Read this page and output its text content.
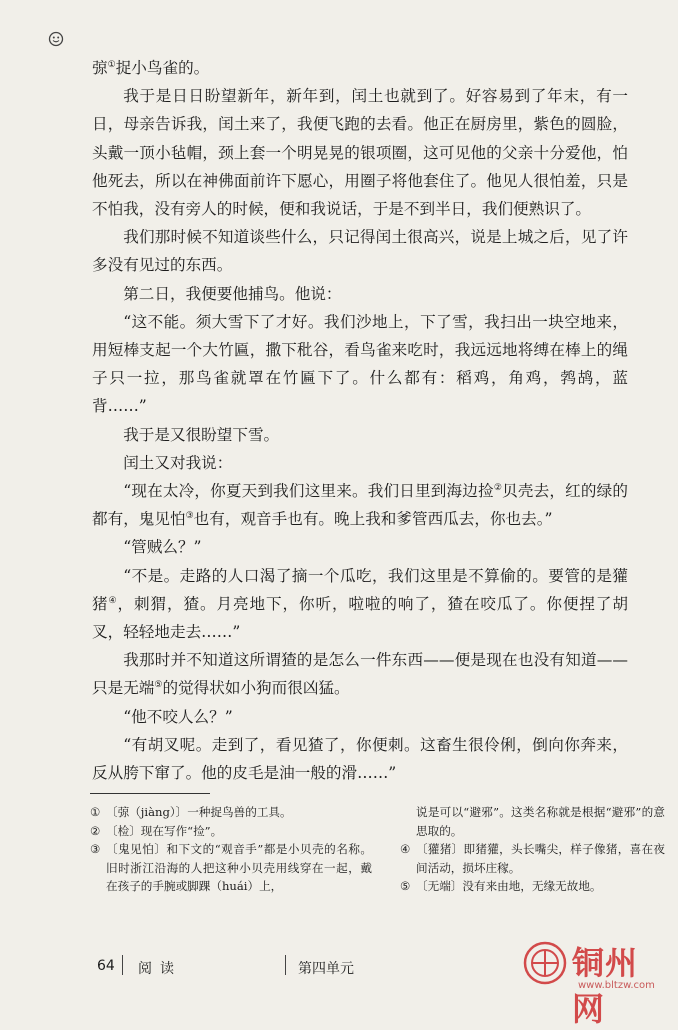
弶①捉小鸟雀的。

我于是日日盼望新年，新年到，闰土也就到了。好容易到了年末，有一日，母亲告诉我，闰土来了，我便飞跑的去看。他正在厨房里，紫色的圆脸，头戴一顶小毡帽，颈上套一个明晃晃的银项圈，这可见他的父亲十分爱他，怕他死去，所以在神佛面前许下愿心，用圈子将他套住了。他见人很怕羞，只是不怕我，没有旁人的时候，便和我说话，于是不到半日，我们便熟识了。

我们那时候不知道谈些什么，只记得闰土很高兴，说是上城之后，见了许多没有见过的东西。

第二日，我便要他捕鸟。他说：

“这不能。须大雪下了才好。我们沙地上，下了雪，我扫出一块空地来，用短棒支起一个大竹匾，撒下秕谷，看鸟雀来吃时，我远远地将缚在棒上的绳子只一拉，那鸟雀就罩在竹匾下了。什么都有：稻鸡，角鸡，鹁鸪，蓝背……”

我于是又很盼望下雪。

闰土又对我说：

“现在太冷，你夏天到我们这里来。我们日里到海边捡②贝壳去，红的绿的都有，鬼见怕③也有，观音手也有。晚上我和爹管西瓜去，你也去。”

“管贼么？”

“不是。走路的人口渴了摘一个瓜吃，我们这里是不算偷的。要管的是獾猪④，刺猬，猹。月亮地下，你听，啦啦的响了，猹在咬瓜了。你便捏了胡叉，轻轻地走去……”

我那时并不知道这所谓猹的是怎么一件东西——便是现在也没有知道——只是无端⑤的觉得状如小狗而很凶猛。

“他不咬人么？”

“有胡叉呢。走到了，看见猹了，你便刺。这畜生很伶俐，倒向你奔来，反从胯下窜了。他的皮毛是油一般的滑……”

① 〔弶（jiàng）〕一种捉鸟兽的工具。

② 〔检〕现在写作“捡”。

③ 〔鬼见怕〕和下文的“观音手”都是小贝壳的名称。旧时浙江沿海的人把这种小贝壳用线穿在一起，戴在孩子的手腕或脚踝（huái）上，

说是可以“避邪”。这类名称就是根据“避邪”的意思取的。

④ 〔獾猪〕即猪獾，头长嘴尖，样子像猪，喜在夜间活动，损坏庄稼。

⑤ 〔无端〕没有来由地，无缘无故地。

64 阅读	第四单元	铜州网
www.bltzw.com
